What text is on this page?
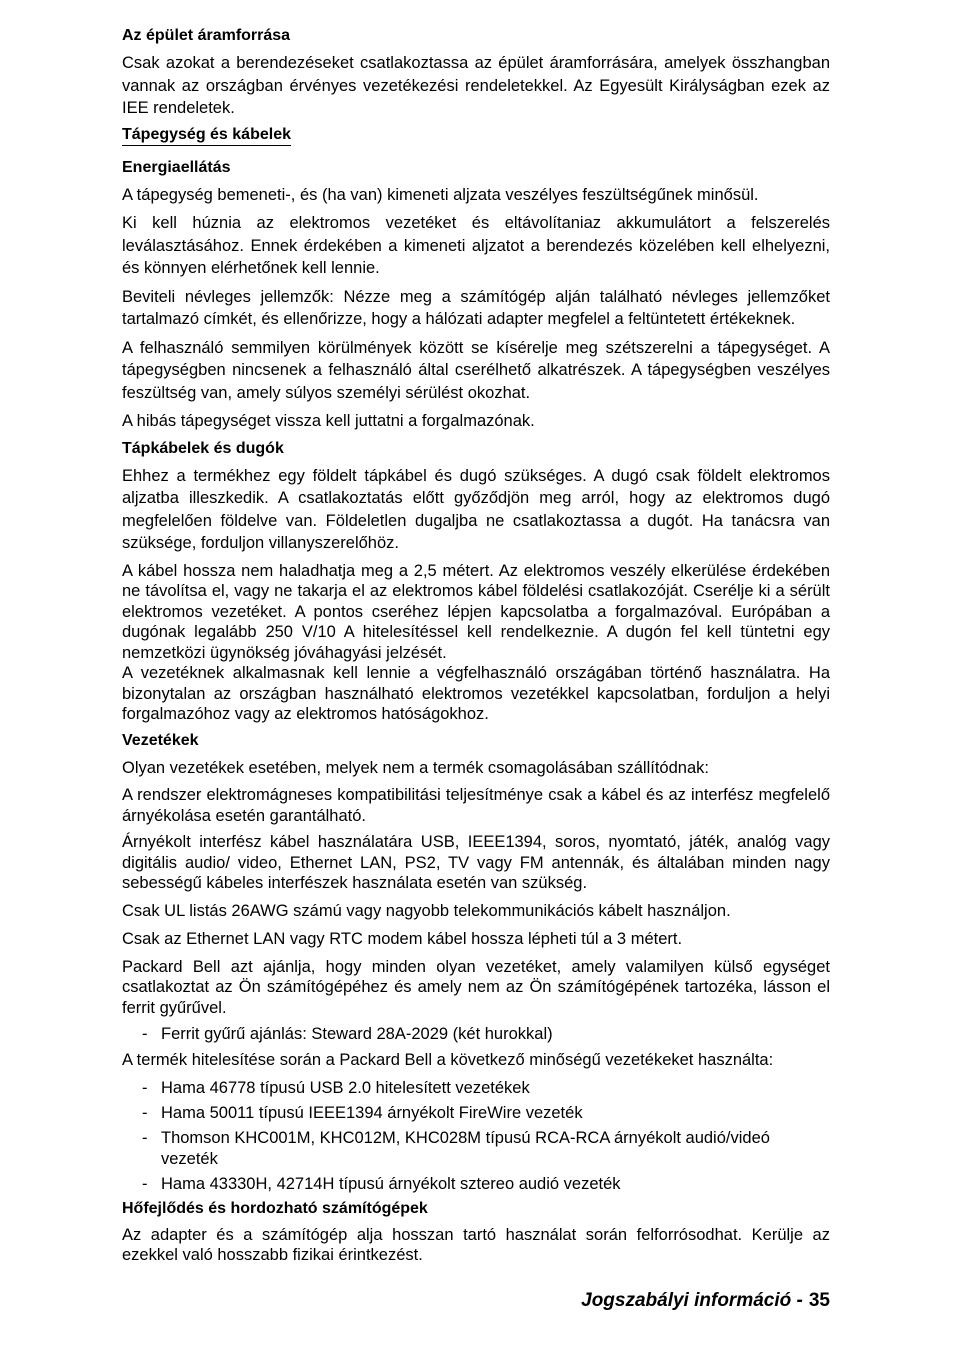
Az épület áramforrása

Csak azokat a berendezéseket csatlakoztassa az épület áramforrására, amelyek összhangban vannak az országban érvényes vezetékezési rendeletekkel. Az Egyesült Királyságban ezek az IEE rendeletek.

Tápegység és kábelek
Energiaellátás

A tápegység bemeneti-, és (ha van) kimeneti aljzata veszélyes feszültségűnek minősül.

Ki kell húznia az elektromos vezetéket és eltávolítaniaz akkumulátort a felszerelés leválasztásához. Ennek érdekében a kimeneti aljzatot a berendezés közelében kell elhelyezni, és könnyen elérhetőnek kell lennie.

Beviteli névleges jellemzők: Nézze meg a számítógép alján található névleges jellemzőket tartalmazó címkét, és ellenőrizze, hogy a hálózati adapter megfelel a feltüntetett értékeknek.

A felhasználó semmilyen körülmények között se kísérelje meg szétszerelni a tápegységet. A tápegységben nincsenek a felhasználó által cserélhető alkatrészek. A tápegységben veszélyes feszültség van, amely súlyos személyi sérülést okozhat.

A hibás tápegységet vissza kell juttatni a forgalmazónak.

Tápkábelek és dugók

Ehhez a termékhez egy földelt tápkábel és dugó szükséges. A dugó csak földelt elektromos aljzatba illeszkedik. A csatlakoztatás előtt győződjön meg arról, hogy az elektromos dugó megfelelően földelve van. Földeletlen dugaljba ne csatlakoztassa a dugót. Ha tanácsra van szüksége, forduljon villanyszerelőhöz.

A kábel hossza nem haladhatja meg a 2,5 métert. Az elektromos veszély elkerülése érdekében ne távolítsa el, vagy ne takarja el az elektromos kábel földelési csatlakozóját. Cserélje ki a sérült elektromos vezetéket. A pontos cseréhez lépjen kapcsolatba a forgalmazóval. Európában a dugónak legalább 250 V/10 A hitelesítéssel kell rendelkeznie. A dugón fel kell tüntetni egy nemzetközi ügynökség jóváhagyási jelzését.

A vezetéknek alkalmasnak kell lennie a végfelhasználó országában történő használatra. Ha bizonytalan az országban használható elektromos vezetékkel kapcsolatban, forduljon a helyi forgalmazóhoz vagy az elektromos hatóságokhoz.

Vezetékek

Olyan vezetékek esetében, melyek nem a termék csomagolásában szállítódnak:

A rendszer elektromágneses kompatibilitási teljesítménye csak a kábel és az interfész megfelelő árnyékolása esetén garantálható.

Árnyékolt interfész kábel használatára USB, IEEE1394, soros, nyomtató, játék, analóg vagy digitális audio/ video, Ethernet LAN, PS2, TV vagy FM antennák, és általában minden nagy sebességű kábeles interfészek használata esetén van szükség.

Csak UL listás 26AWG számú vagy nagyobb telekommunikációs kábelt használjon.

Csak az Ethernet LAN vagy RTC modem kábel hossza lépheti túl a 3 métert.

Packard Bell azt ajánlja, hogy minden olyan vezetéket, amely valamilyen külső egységet csatlakoztat az Ön számítógépéhez és amely nem az Ön számítógépének tartozéka, lásson el ferrit gyűrűvel.

- Ferrit gyűrű ajánlás: Steward 28A-2029 (két hurokkal)

A termék hitelesítése során a Packard Bell a következő minőségű vezetékeket használta:

- Hama 46778 típusú USB 2.0 hitelesített vezetékek
- Hama 50011 típusú IEEE1394 árnyékolt FireWire vezeték
- Thomson KHC001M, KHC012M, KHC028M típusú RCA-RCA árnyékolt audió/videó vezeték
- Hama 43330H, 42714H típusú árnyékolt sztereo audió vezeték
Hőfejlődés és hordozható számítógépek

Az adapter és a számítógép alja hosszan tartó használat során felforrósodhat. Kerülje az ezekkel való hosszabb fizikai érintkezést.

Jogszabályi információ - 35
